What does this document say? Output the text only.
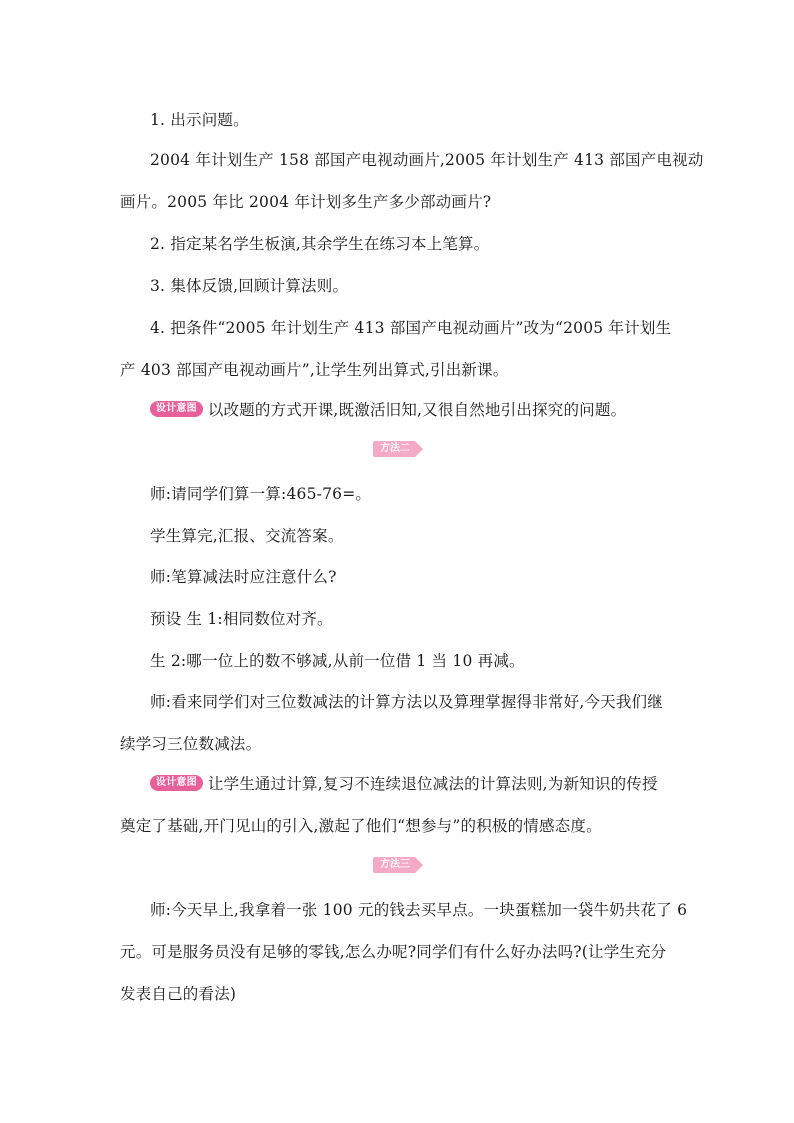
1. 出示问题。
2004 年计划生产 158 部国产电视动画片,2005 年计划生产 413 部国产电视动
画片。2005 年比 2004 年计划多生产多少部动画片?
2. 指定某名学生板演,其余学生在练习本上笔算。
3. 集体反馈,回顾计算法则。
4. 把条件“2005 年计划生产 413 部国产电视动画片”改为“2005 年计划生
产 403 部国产电视动画片”,让学生列出算式,引出新课。
设计意图 以改题的方式开课,既激活旧知,又很自然地引出探究的问题。
方法二
师:请同学们算一算:465-76=。
学生算完,汇报、交流答案。
师:笔算减法时应注意什么?
预设 生 1:相同数位对齐。
生 2:哪一位上的数不够减,从前一位借 1 当 10 再减。
师:看来同学们对三位数减法的计算方法以及算理掌握得非常好,今天我们继
续学习三位数减法。
设计意图 让学生通过计算,复习不连续退位减法的计算法则,为新知识的传授
奠定了基础,开门见山的引入,激起了他们“想参与”的积极的情感态度。
方法三
师:今天早上,我拿着一张 100 元的钱去买早点。一块蛋糕加一袋牛奶共花了 6
元。可是服务员没有足够的零钱,怎么办呢?同学们有什么好办法吗?(让学生充分
发表自己的看法)
